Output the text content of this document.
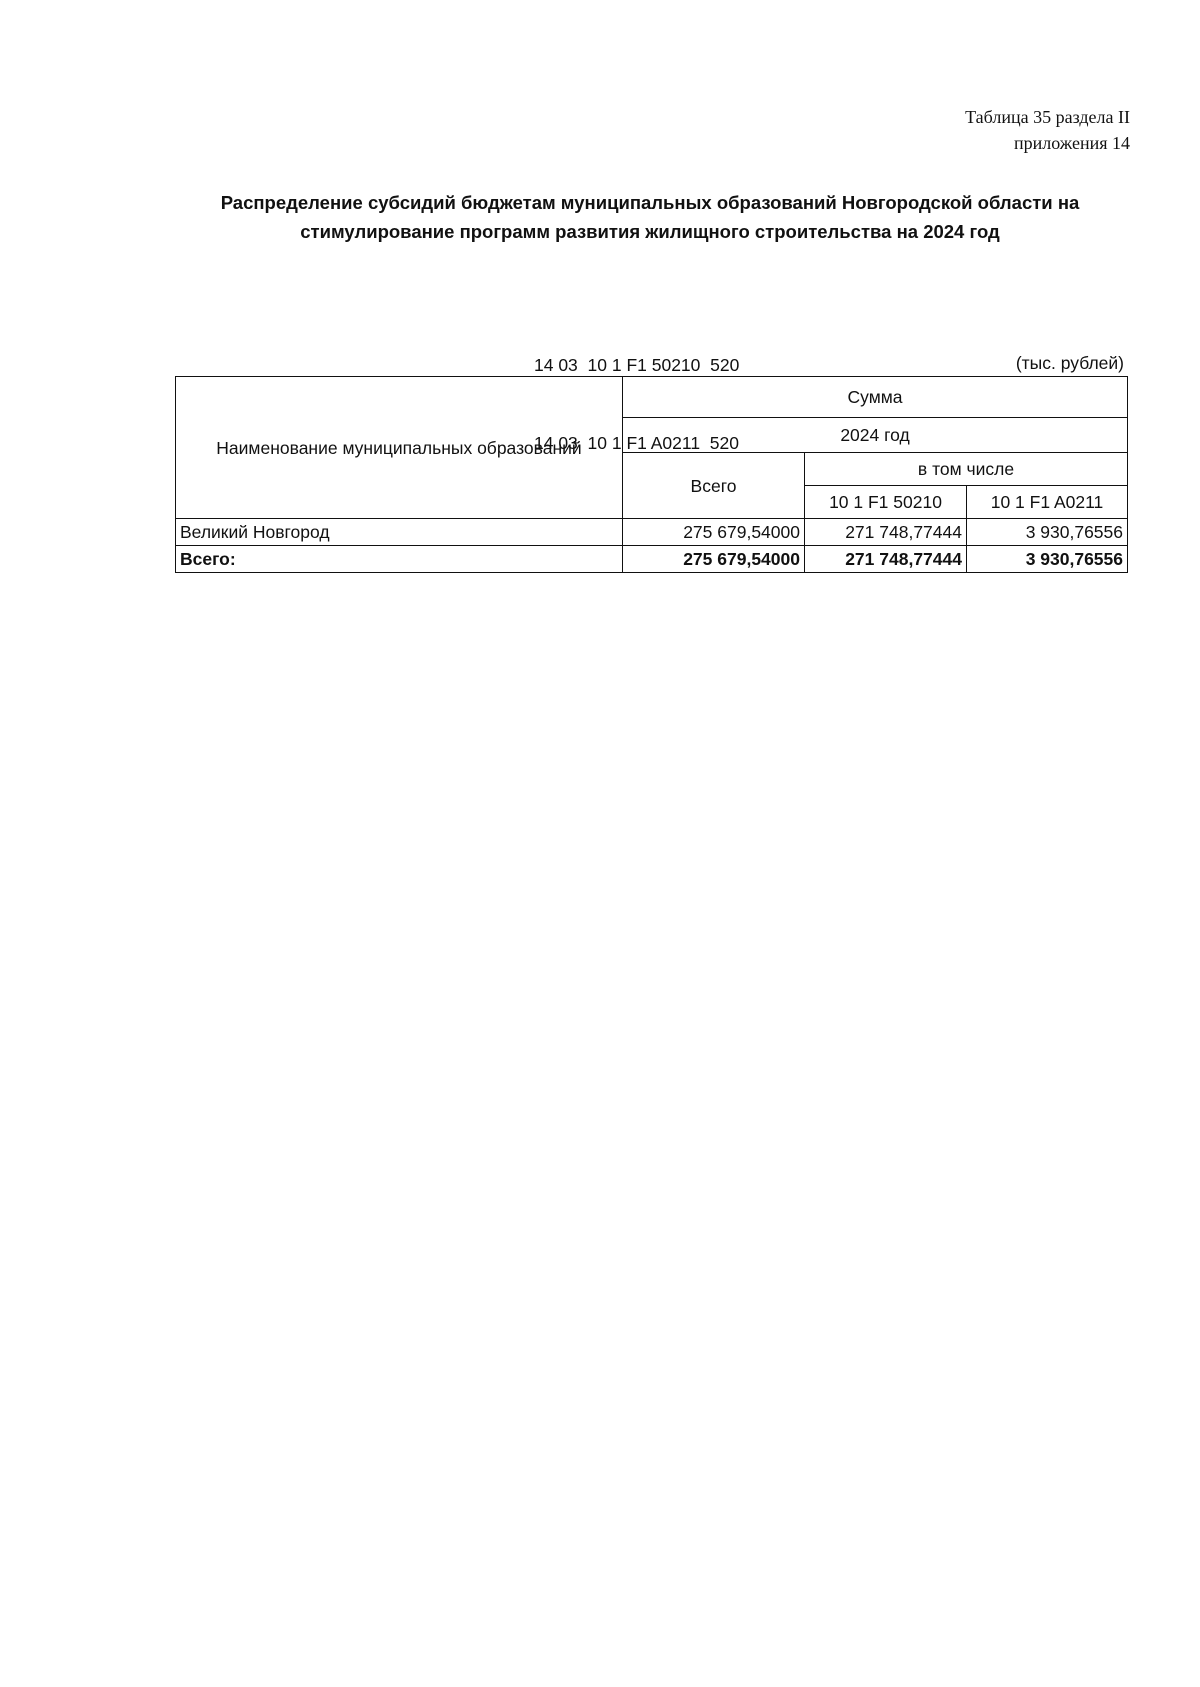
Таблица 35 раздела II
приложения 14
Распределение субсидий бюджетам муниципальных образований Новгородской области на
стимулирование программ развития жилищного строительства на 2024 год

14 03  10 1 F1 50210  520

14 03  10 1 F1 A0211  520

(тыс. рублей)
Наименование муниципальных образований	Сумма		
	2024 год		
	Всего	в том числе	
		10 1 F1 50210	10 1 F1 A0211
Великий Новгород	275 679,54000	271 748,77444	3 930,76556
Всего:	275 679,54000	271 748,77444	3 930,76556
